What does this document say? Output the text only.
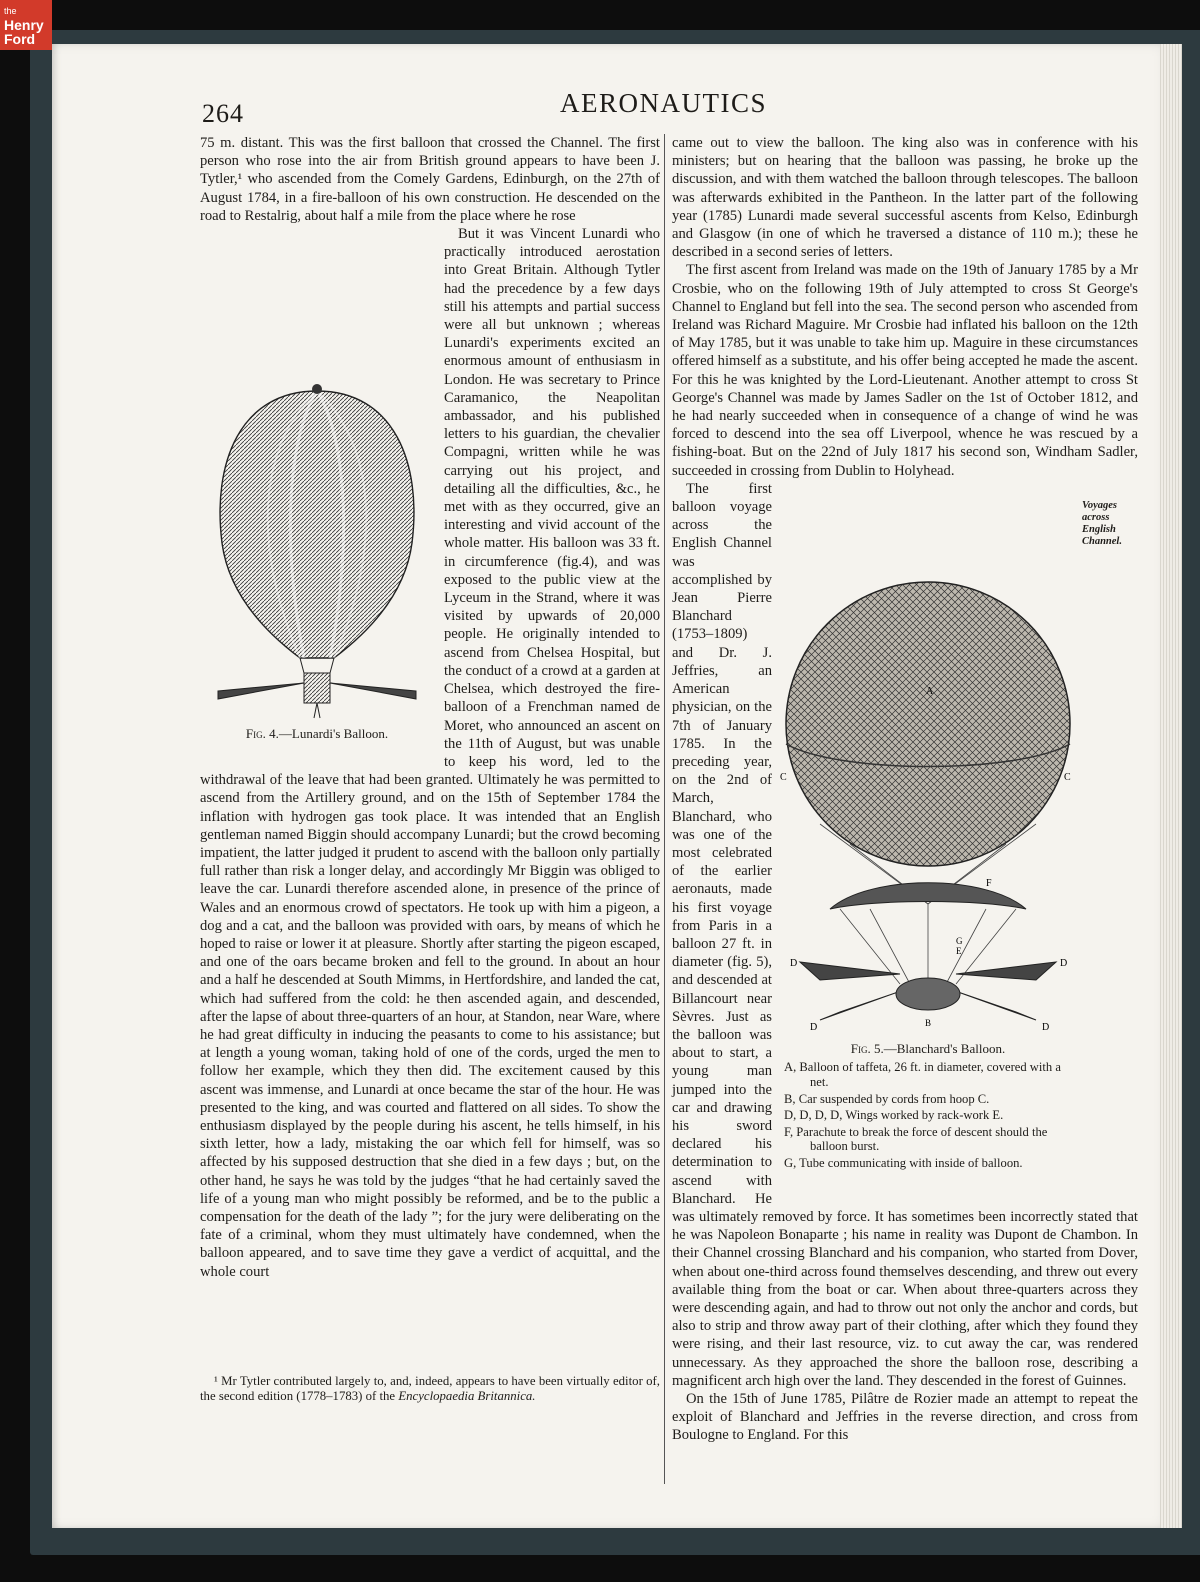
the
Henry
Ford
264	AERONAUTICS

75 m. distant. This was the first balloon that crossed the Channel. The first person who rose into the air from British ground appears to have been J. Tytler,¹ who ascended from the Comely Gardens, Edinburgh, on the 27th of August 1784, in a fire-balloon of his own construction. He descended on the road to Restalrig, about half a mile from the place where he rose

Fig. 4.—Lunardi's Balloon.

But it was Vincent Lunardi who practically introduced aerostation into Great Britain. Although Tytler had the precedence by a few days still his attempts and partial success were all but unknown ; whereas Lunardi's experiments excited an enormous amount of enthusiasm in London. He was secretary to Prince Caramanico, the Neapolitan ambassador, and his published letters to his guardian, the chevalier Compagni, written while he was carrying out his project, and detailing all the difficulties, &c., he met with as they occurred, give an interesting and vivid account of the whole matter. His balloon was 33 ft. in circumference (fig.4), and was exposed to the public view at the Lyceum in the Strand, where it was visited by upwards of 20,000 people. He originally intended to ascend from Chelsea Hospital, but the conduct of a crowd at a garden at Chelsea, which destroyed the fire-balloon of a Frenchman named de Moret, who announced an ascent on the 11th of August, but was unable to keep his word, led to the withdrawal of the leave that had been granted. Ultimately he was permitted to ascend from the Artillery ground, and on the 15th of September 1784 the inflation with hydrogen gas took place. It was intended that an English gentleman named Biggin should accompany Lunardi; but the crowd becoming impatient, the latter judged it prudent to ascend with the balloon only partially full rather than risk a longer delay, and accordingly Mr Biggin was obliged to leave the car. Lunardi therefore ascended alone, in presence of the prince of Wales and an enormous crowd of spectators. He took up with him a pigeon, a dog and a cat, and the balloon was provided with oars, by means of which he hoped to raise or lower it at pleasure. Shortly after starting the pigeon escaped, and one of the oars became broken and fell to the ground. In about an hour and a half he descended at South Mimms, in Hertfordshire, and landed the cat, which had suffered from the cold: he then ascended again, and descended, after the lapse of about three-quarters of an hour, at Standon, near Ware, where he had great difficulty in inducing the peasants to come to his assistance; but at length a young woman, taking hold of one of the cords, urged the men to follow her example, which they then did. The excitement caused by this ascent was immense, and Lunardi at once became the star of the hour. He was presented to the king, and was courted and flattered on all sides. To show the enthusiasm displayed by the people during his ascent, he tells himself, in his sixth letter, how a lady, mistaking the oar which fell for himself, was so affected by his supposed destruction that she died in a few days ; but, on the other hand, he says he was told by the judges “that he had certainly saved the life of a young man who might possibly be reformed, and be to the public a compensation for the death of the lady ”; for the jury were deliberating on the fate of a criminal, whom they must ultimately have condemned, when the balloon appeared, and to save time they gave a verdict of acquittal, and the whole court

¹ Mr Tytler contributed largely to, and, indeed, appears to have been virtually editor of, the second edition (1778–1783) of the Encyclopaedia Britannica.

came out to view the balloon. The king also was in conference with his ministers; but on hearing that the balloon was passing, he broke up the discussion, and with them watched the balloon through telescopes. The balloon was afterwards exhibited in the Pantheon. In the latter part of the following year (1785) Lunardi made several successful ascents from Kelso, Edinburgh and Glasgow (in one of which he traversed a distance of 110 m.); these he described in a second series of letters.

The first ascent from Ireland was made on the 19th of January 1785 by a Mr Crosbie, who on the following 19th of July attempted to cross St George's Channel to England but fell into the sea. The second person who ascended from Ireland was Richard Maguire. Mr Crosbie had inflated his balloon on the 12th of May 1785, but it was unable to take him up. Maguire in these circumstances offered himself as a substitute, and his offer being accepted he made the ascent. For this he was knighted by the Lord-Lieutenant. Another attempt to cross St George's Channel was made by James Sadler on the 1st of October 1812, and he had nearly succeeded when in consequence of a change of wind he was forced to descend into the sea off Liverpool, whence he was rescued by a fishing-boat. But on the 22nd of July 1817 his second son, Windham Sadler, succeeded in crossing from Dublin to Holyhead.

Voyages across English Channel.
A
C	C
F
G
E
D	D
D	D
B
Fig. 5.—Blanchard's Balloon.
A, Balloon of taffeta, 26 ft. in diameter, covered with a net.
B, Car suspended by cords from hoop C.
D, D, D, D, Wings worked by rack-work E.
F, Parachute to break the force of descent should the balloon burst.
G, Tube communicating with inside of balloon.

The first balloon voyage across the English Channel was accomplished by Jean Pierre Blanchard (1753–1809) and Dr. J. Jeffries, an American physician, on the 7th of January 1785. In the preceding year, on the 2nd of March, Blanchard, who was one of the most celebrated of the earlier aeronauts, made his first voyage from Paris in a balloon 27 ft. in diameter (fig. 5), and descended at Billancourt near Sèvres. Just as the balloon was about to start, a young man jumped into the car and drawing his sword declared his determination to ascend with Blanchard. He was ultimately removed by force. It has sometimes been incorrectly stated that he was Napoleon Bonaparte ; his name in reality was Dupont de Chambon. In their Channel crossing Blanchard and his companion, who started from Dover, when about one-third across found themselves descending, and threw out every available thing from the boat or car. When about three-quarters across they were descending again, and had to throw out not only the anchor and cords, but also to strip and throw away part of their clothing, after which they found they were rising, and their last resource, viz. to cut away the car, was rendered unnecessary. As they approached the shore the balloon rose, describing a magnificent arch high over the land. They descended in the forest of Guinnes.

On the 15th of June 1785, Pilâtre de Rozier made an attempt to repeat the exploit of Blanchard and Jeffries in the reverse direction, and cross from Boulogne to England. For this
